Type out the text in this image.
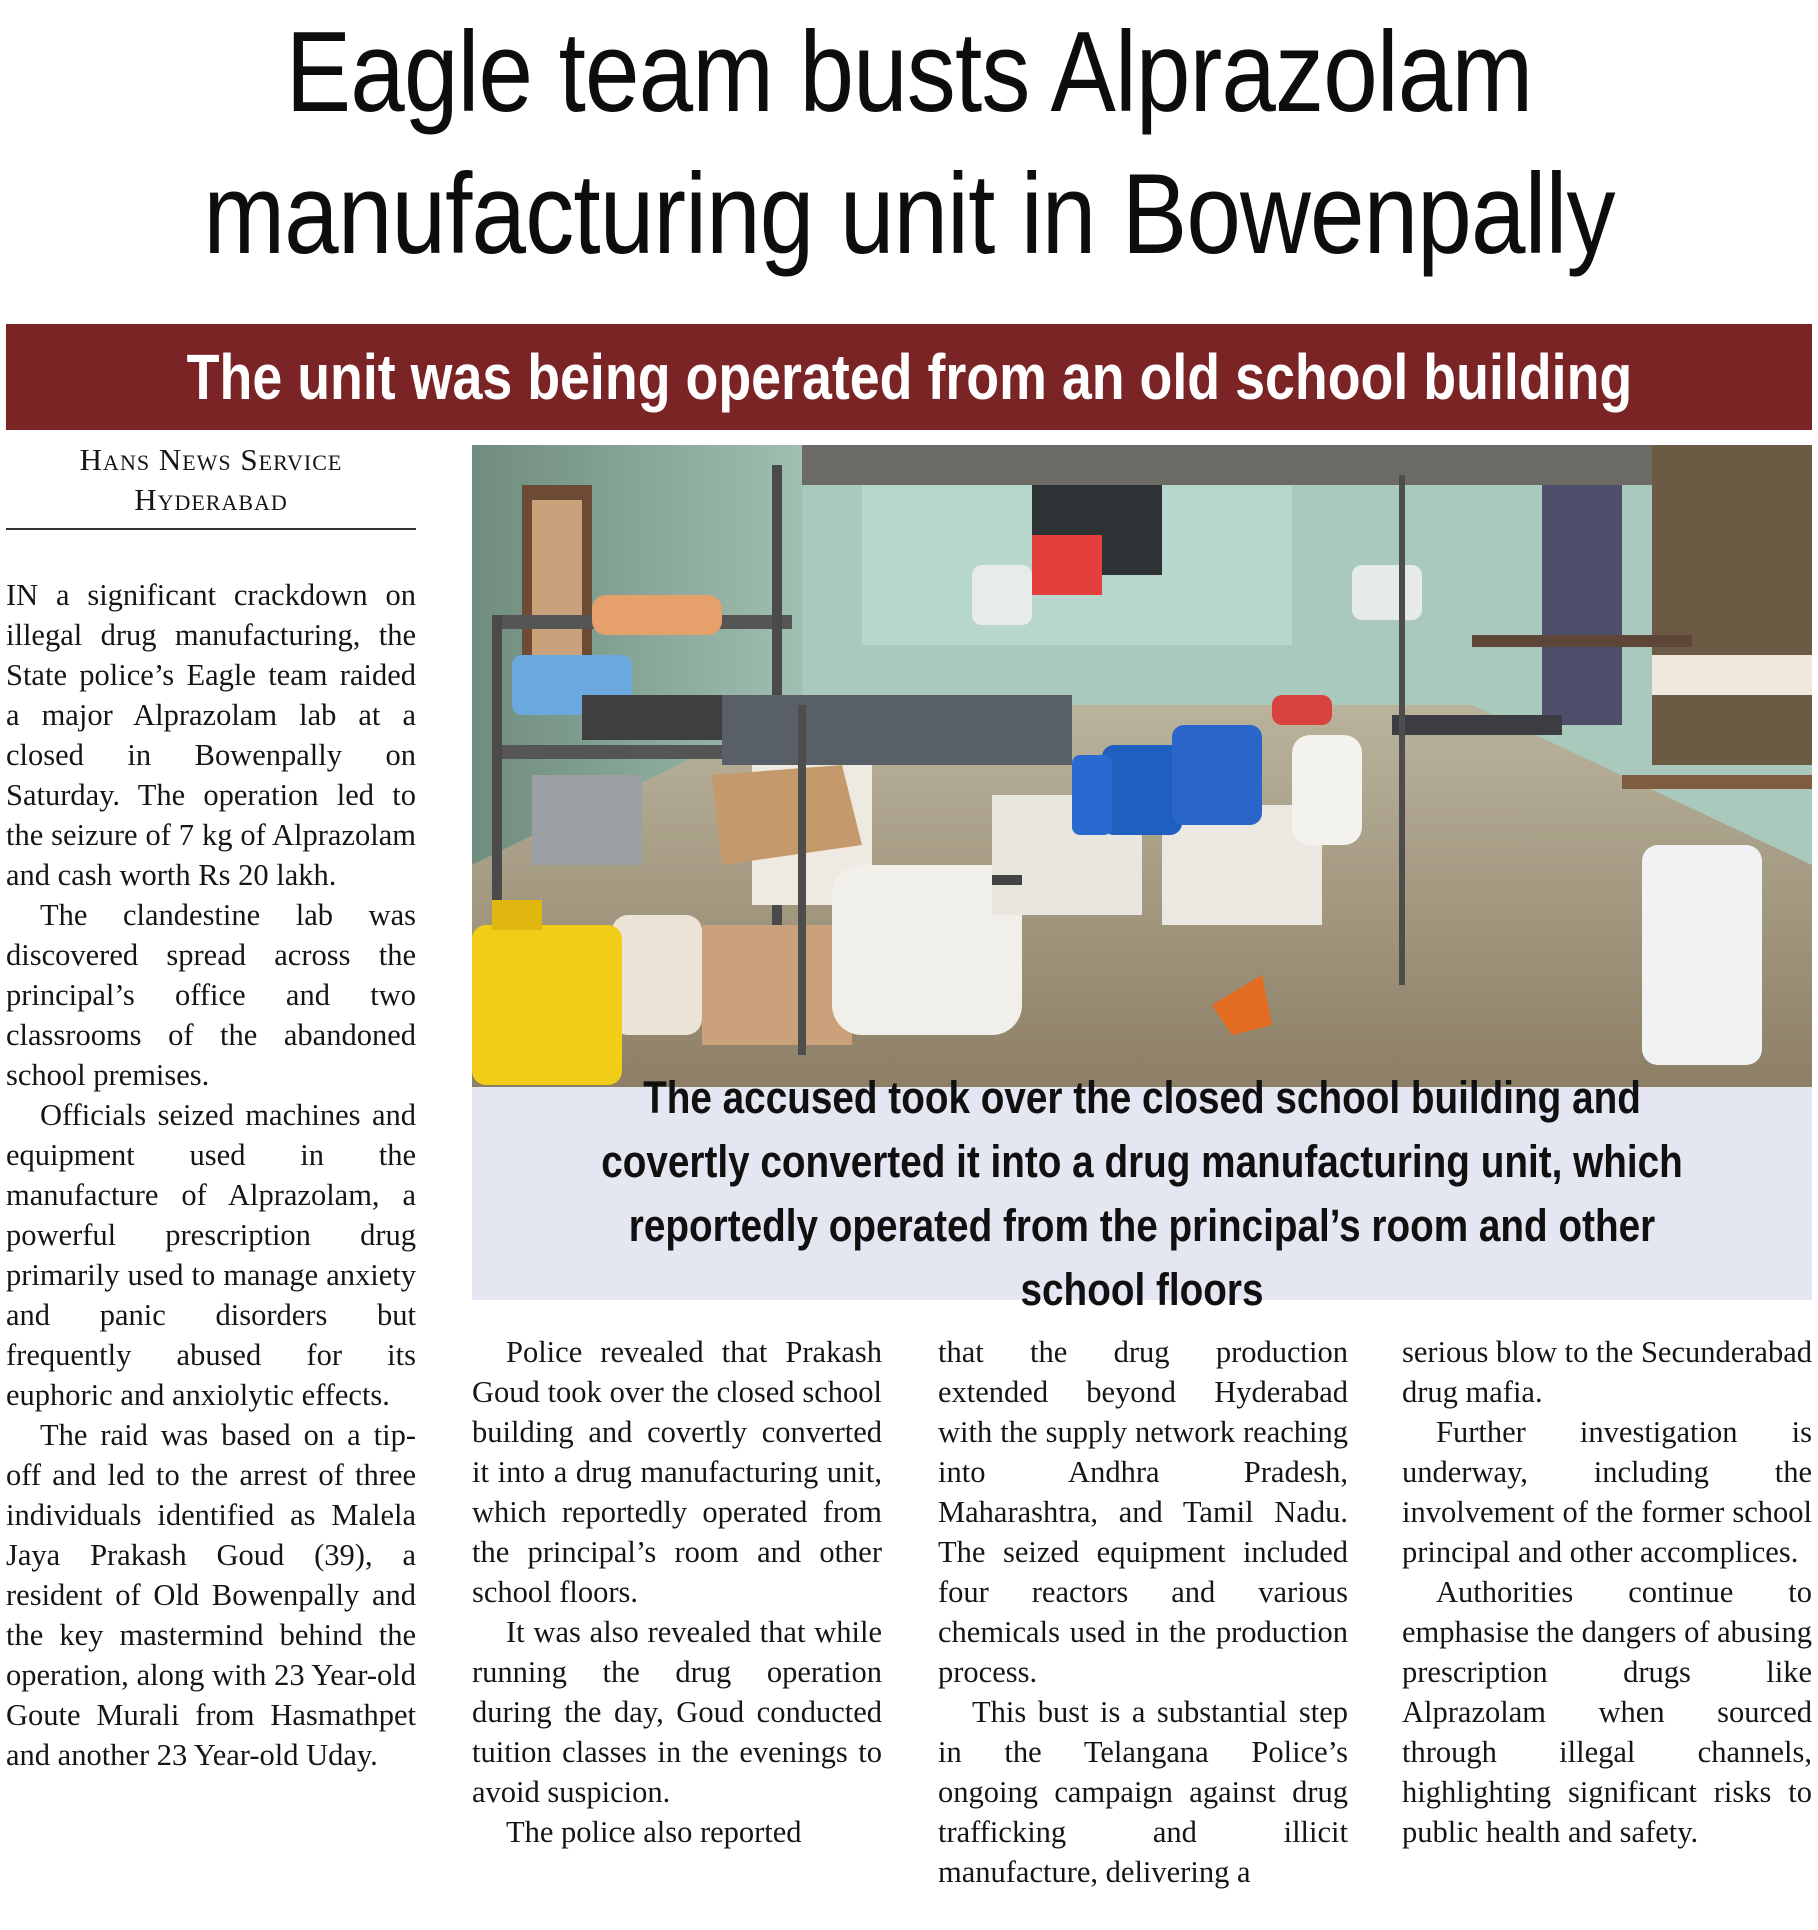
Eagle team busts Alprazolam
manufacturing unit in Bowenpally
The unit was being operated from an old school building
Hans News Service
Hyderabad

IN a significant crackdown on illegal drug manufacturing, the State police’s Eagle team raided a major Alprazolam lab at a closed in Bowenpally on Saturday. The operation led to the seizure of 7 kg of Alprazolam and cash worth Rs 20 lakh.

The clandestine lab was discovered spread across the principal’s office and two classrooms of the abandoned school premises.

Officials seized machines and equipment used in the manufacture of Alprazolam, a powerful prescription drug primarily used to manage anxiety and panic disorders but frequently abused for its euphoric and anxiolytic effects.

The raid was based on a tip-off and led to the arrest of three individuals identified as Malela Jaya Prakash Goud (39), a resident of Old Bowenpally and the key mastermind behind the operation, along with 23 Year-old Goute Murali from Hasmathpet and another 23 Year-old Uday.

The accused took over the closed school building and covertly converted it into a drug manufacturing unit, which reportedly operated from the principal’s room and other school floors

Police revealed that Prakash Goud took over the closed school building and covertly converted it into a drug manufacturing unit, which reportedly operated from the principal’s room and other school floors.

It was also revealed that while running the drug operation during the day, Goud conducted tuition classes in the evenings to avoid suspicion.

The police also reported

that the drug production extended beyond Hyderabad with the supply network reaching into Andhra Pradesh, Maharashtra, and Tamil Nadu. The seized equipment included four reactors and various chemicals used in the production process.

This bust is a substantial step in the Telangana Police’s ongoing campaign against drug trafficking and illicit manufacture, delivering a

serious blow to the Secunderabad drug mafia.

Further investigation is underway, including the involvement of the former school principal and other accomplices.

Authorities continue to emphasise the dangers of abusing prescription drugs like Alprazolam when sourced through illegal channels, highlighting significant risks to public health and safety.
